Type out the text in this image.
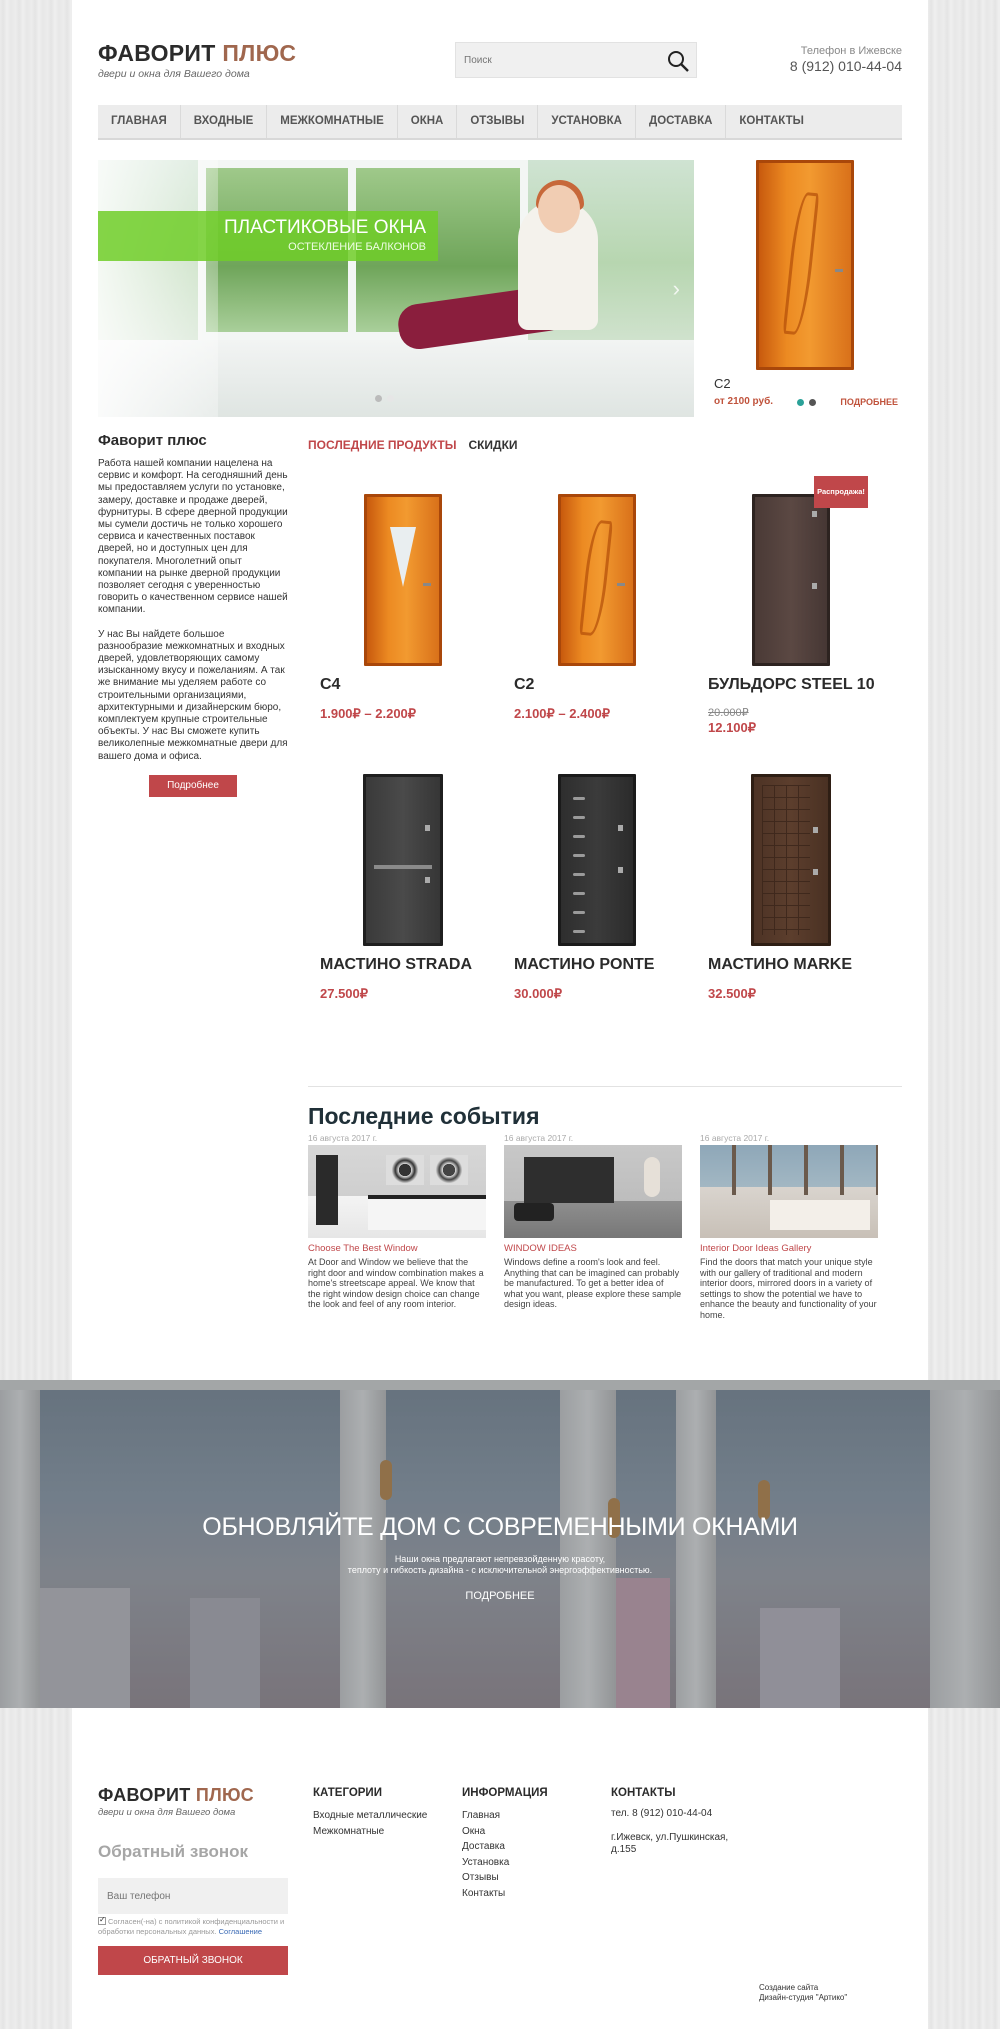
ФАВОРИТ ПЛЮС
двери и окна для Вашего дома
Поиск
Телефон в Ижевске
8 (912) 010-44-04
ГЛАВНАЯ	ВХОДНЫЕ	МЕЖКОМНАТНЫЕ	ОКНА	ОТЗЫВЫ	УСТАНОВКА	ДОСТАВКА	КОНТАКТЫ
ПЛАСТИКОВЫЕ ОКНА
ОСТЕКЛЕНИЕ БАЛКОНОВ
›
C2
от 2100 руб.	ПОДРОБНЕЕ
Фаворит плюс

Работа нашей компании нацелена на сервис и комфорт. На сегодняшний день мы предоставляем услуги по установке, замеру, доставке и продаже дверей, фурнитуры. В сфере дверной продукции мы сумели достичь не только хорошего сервиса и качественных поставок дверей, но и доступных цен для покупателя. Многолетний опыт компании на рынке дверной продукции позволяет сегодня с уверенностью говорить о качественном сервисе нашей компании.

У нас Вы найдете большое разнообразие межкомнатных и входных дверей, удовлетворяющих самому изысканному вкусу и пожеланиям. А так же внимание мы уделяем работе со строительными организациями, архитектурными и дизайнерским бюро, комплектуем крупные строительные объекты. У нас Вы сможете купить великолепные межкомнатные двери для вашего дома и офиса.

Подробнее
ПОСЛЕДНИЕ ПРОДУКТЫ СКИДКИ
C4
1.900₽ – 2.200₽
C2
2.100₽ – 2.400₽
Распродажа!
БУЛЬДОРС STEEL 10
20.000₽
12.100₽
МАСТИНО STRADA
27.500₽
МАСТИНО PONTE
30.000₽
МАСТИНО MARKE
32.500₽
Последние события
16 августа 2017 г.
Choose The Best Window
At Door and Window we believe that the right door and window combination makes a home's streetscape appeal. We know that the right window design choice can change the look and feel of any room interior.
16 августа 2017 г.
WINDOW IDEAS
Windows define a room's look and feel. Anything that can be imagined can probably be manufactured. To get a better idea of what you want, please explore these sample design ideas.
16 августа 2017 г.
Interior Door Ideas Gallery
Find the doors that match your unique style with our gallery of traditional and modern interior doors, mirrored doors in a variety of settings to show the potential we have to enhance the beauty and functionality of your home.
ОБНОВЛЯЙТЕ ДОМ С СОВРЕМЕННЫМИ ОКНАМИ
Наши окна предлагают непревзойденную красоту,
теплоту и гибкость дизайна - с исключительной энергоэффективностью.
ПОДРОБНЕЕ
ФАВОРИТ ПЛЮС
двери и окна для Вашего дома
Обратный звонок
Ваш телефон
✓Согласен(-на) с политикой конфиденциальности и обработки персональных данных. Соглашение
ОБРАТНЫЙ ЗВОНОК
КАТЕГОРИИ
Входные металлические
Межкомнатные
ИНФОРМАЦИЯ
Главная
Окна
Доставка
Установка
Отзывы
Контакты
КОНТАКТЫ
тел. 8 (912) 010-44-04
г.Ижевск, ул.Пушкинская, д.155
Создание сайта
Дизайн-студия "Артико"
